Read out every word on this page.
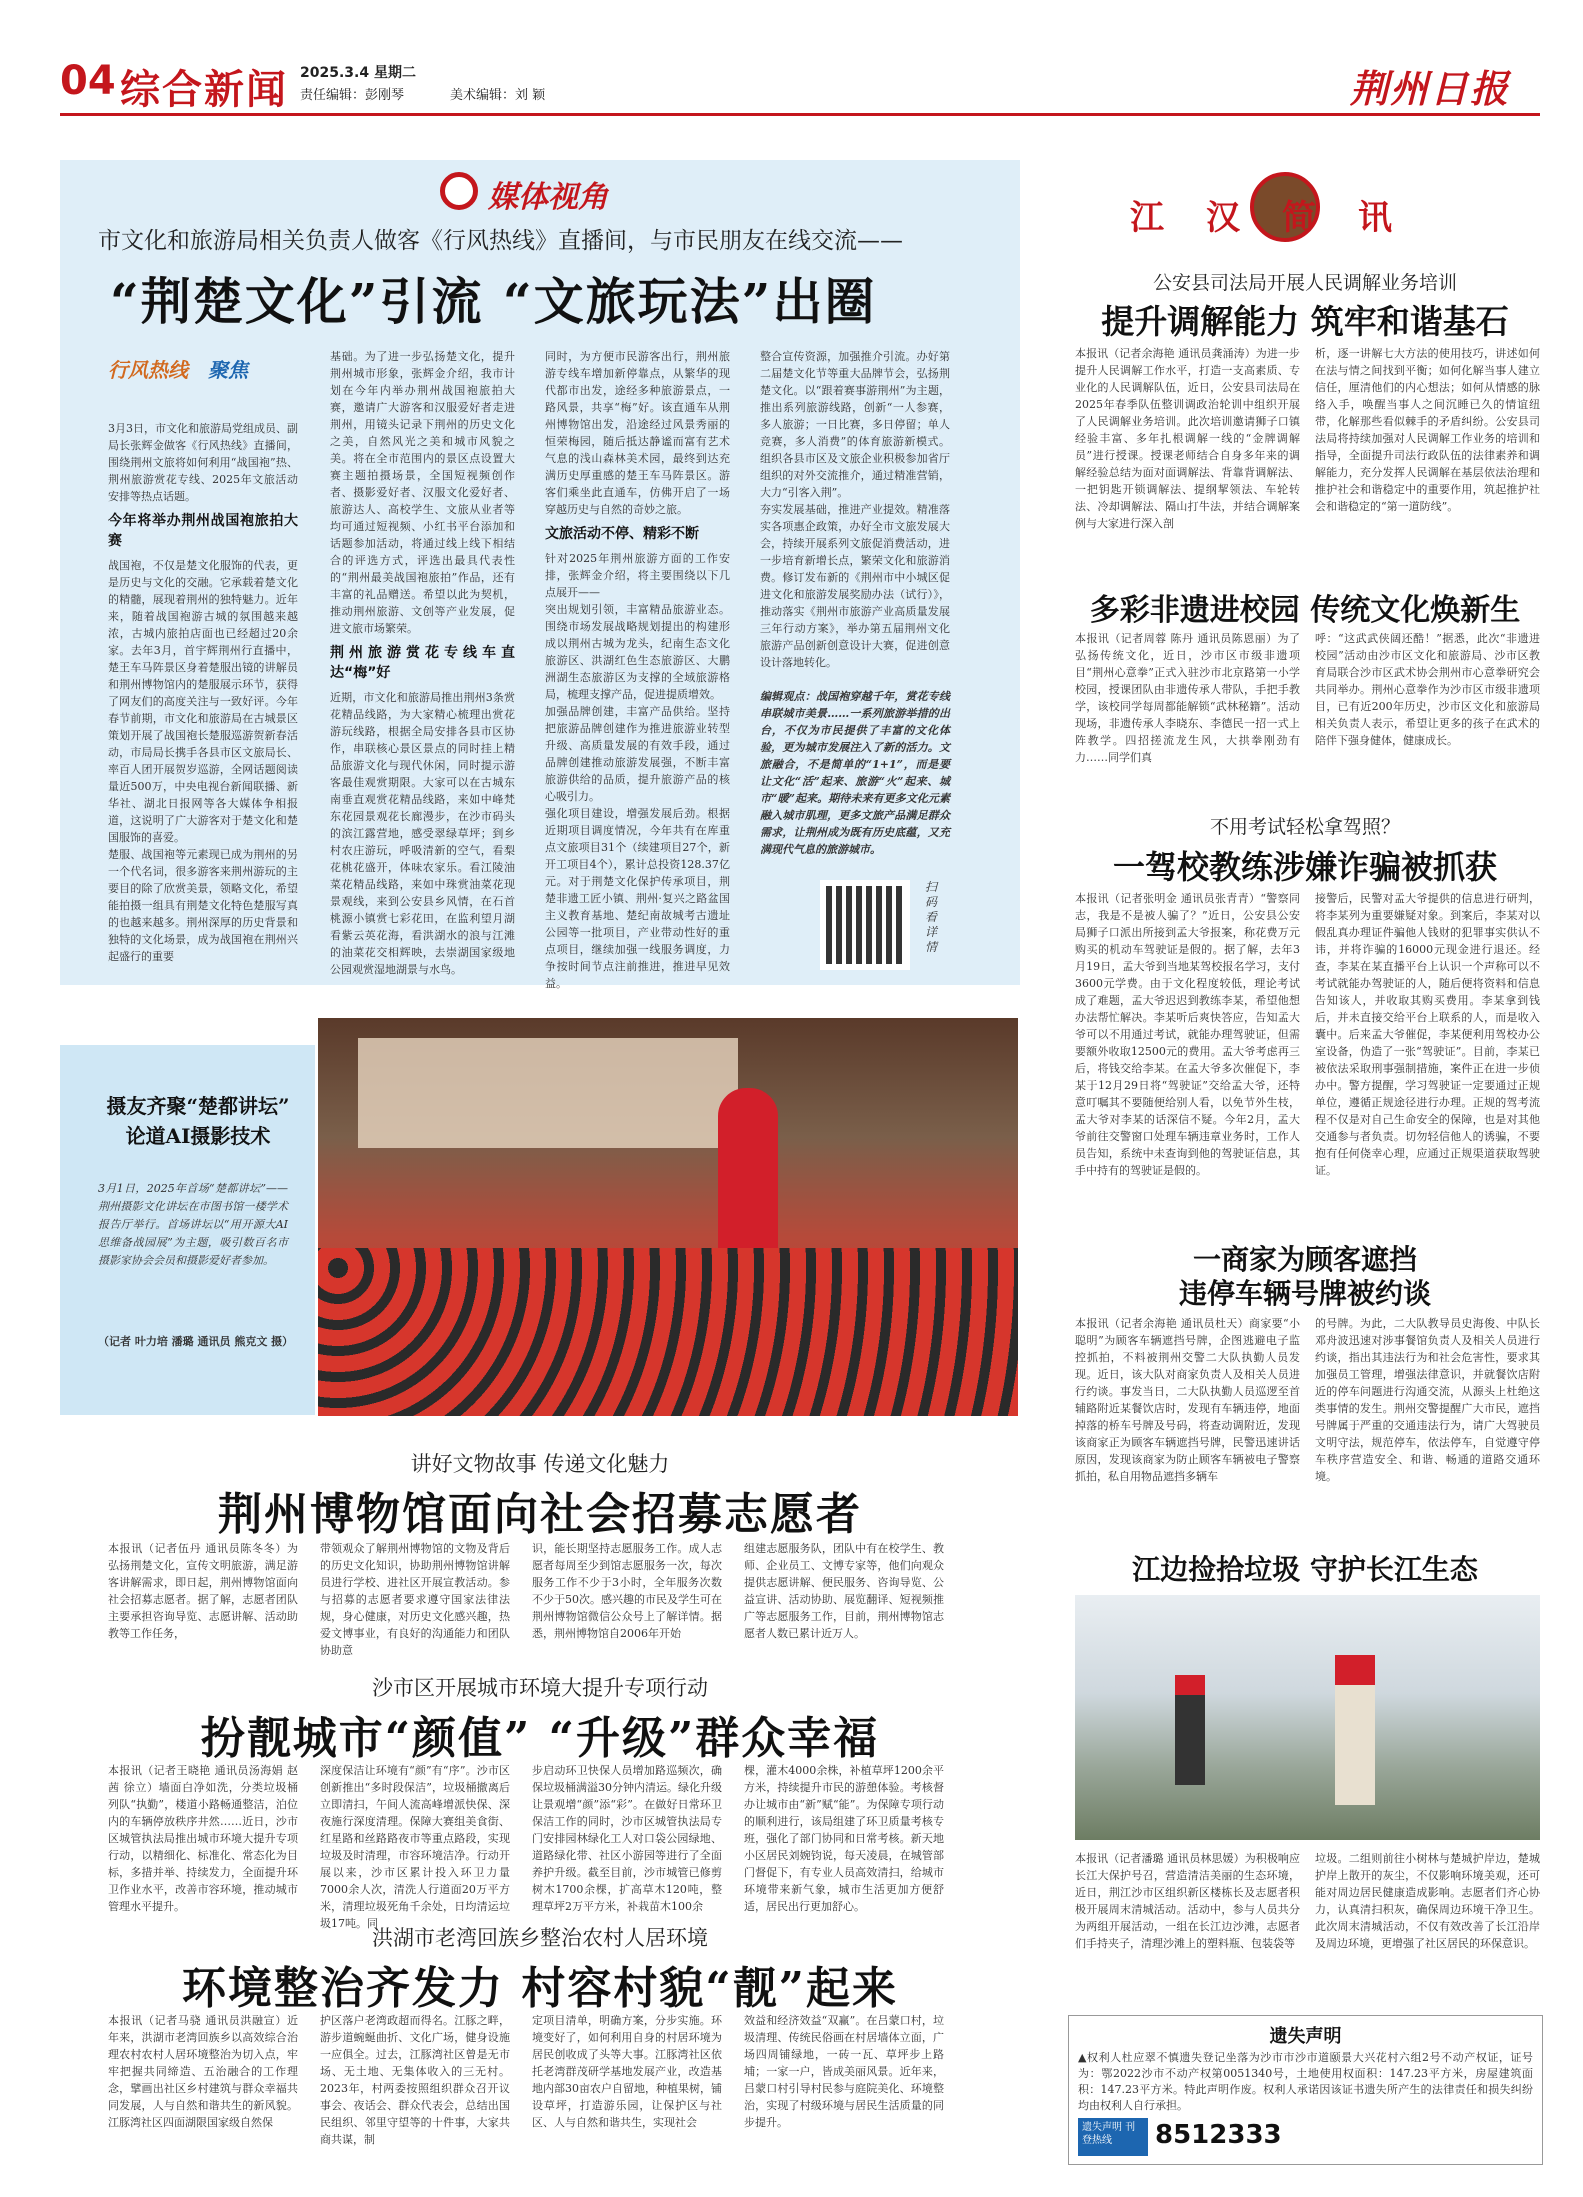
04 综合新闻 2025.3.4 星期二
责任编辑：彭刚琴	美术编辑：刘 颖	荆州日报
媒体视角
市文化和旅游局相关负责人做客《行风热线》直播间，与市民朋友在线交流——
“荆楚文化”引流 “文旅玩法”出圈
行风热线 聚焦

3月3日，市文化和旅游局党组成员、副局长张辉金做客《行风热线》直播间，围绕荆州文旅将如何利用“战国袍”热、荆州旅游赏花专线、2025年文旅活动安排等热点话题。

今年将举办荆州战国袍旅拍大赛

战国袍，不仅是楚文化服饰的代表，更是历史与文化的交融。它承载着楚文化的精髓，展现着荆州的独特魅力。近年来，随着战国袍游古城的氛围越来越浓，古城内旅拍店面也已经超过20余家。去年3月，首宇辉荆州行直播中，楚王车马阵景区身着楚服出镜的讲解员和荆州博物馆内的楚服展示环节，获得了网友们的高度关注与一致好评。今年春节前期，市文化和旅游局在古城景区策划开展了战国袍长楚服巡游贺新春活动，市局局长携手各县市区文旅局长、率百人团开展贺岁巡游，全网话题阅读量近500万，中央电视台新闻联播、新华社、湖北日报网等各大媒体争相报道，这说明了广大游客对于楚文化和楚国服饰的喜爱。

楚服、战国袍等元素现已成为荆州的另一个代名词，很多游客来荆州游玩的主要目的除了欣赏美景，领略文化，希望能拍摄一组具有荆楚文化特色楚服写真的也越来越多。荆州深厚的历史背景和独特的文化场景，成为战国袍在荆州兴起盛行的重要

基础。为了进一步弘扬楚文化，提升荆州城市形象，张辉金介绍，我市计划在今年内举办荆州战国袍旅拍大赛，邀请广大游客和汉服爱好者走进荆州，用镜头记录下荆州的历史文化之美，自然风光之美和城市风貌之美。将在全市范围内的景区点设置大赛主题拍摄场景，全国短视频创作者、摄影爱好者、汉服文化爱好者、旅游达人、高校学生、文旅从业者等均可通过短视频、小红书平台添加和话题参加活动，将通过线上线下相结合的评选方式，评选出最具代表性的“荆州最美战国袍旅拍”作品，还有丰富的礼品赠送。希望以此为契机，推动荆州旅游、文创等产业发展，促进文旅市场繁荣。

荆州旅游赏花专线车直达“梅”好

近期，市文化和旅游局推出荆州3条赏花精品线路，为大家精心梳理出赏花游玩线路，根据全局安排各县市区协作，串联核心景区景点的同时挂上精品旅游文化与现代休闲，同时提示游客最佳观赏期限。大家可以在古城东南垂直观赏花精品线路，来如中峰梵东花园景观花长廊漫步，在沙市码头的滨江露营地，感受翠绿草坪；到乡村农庄游玩，呼吸清新的空气，看梨花桃花盛开，体味农家乐。看江陵油菜花精品线路，来如中珠赏油菜花现景观线，来到公安县乡风情，在石首桃源小镇赏七彩花田，在监利望月湖看紫云英花海，看洪湖水的浪与江滩的油菜花交相辉映，去崇湖国家级地公园观赏湿地湖景与水鸟。

同时，为方便市民游客出行，荆州旅游专线车增加新停靠点，从繁华的现代都市出发，途经多种旅游景点，一路风景，共享“梅”好。该直通车从荆州博物馆出发，沿途经过风景秀丽的恒荣梅园，随后抵达静谧而富有艺术气息的浅山森林美术园，最终到达充满历史厚重感的楚王车马阵景区。游客们乘坐此直通车，仿佛开启了一场穿越历史与自然的奇妙之旅。

文旅活动不停、精彩不断

针对2025年荆州旅游方面的工作安排，张辉金介绍，将主要围绕以下几点展开——

突出规划引领，丰富精品旅游业态。围绕市场发展战略规划提出的构建形成以荆州古城为龙头，纪南生态文化旅游区、洪湖红色生态旅游区、大鹏洲湖生态旅游区为支撑的全域旅游格局，梳理支撑产品，促进提质增效。

加强品牌创建，丰富产品供给。坚持把旅游品牌创建作为推进旅游业转型升级、高质量发展的有效手段，通过品牌创建推动旅游发展强，不断丰富旅游供给的品质，提升旅游产品的核心吸引力。

强化项目建设，增强发展后劲。根据近期项目调度情况，今年共有在库重点文旅项目31个（续建项目27个，新开工项目4个），累计总投资128.37亿元。对于荆楚文化保护传承项目，荆楚非遗工匠小镇、荆州·复兴之路盆国主义教育基地、楚纪南故城考古遗址公园等一批项目，产业带动性好的重点项目，继续加强一线服务调度，力争按时间节点注前推进，推进早见效益。

整合宣传资源，加强推介引流。办好第二届楚文化节等重大品牌节会，弘扬荆楚文化。以“跟着赛事游荆州”为主题，推出系列旅游线路，创新“一人参赛，多人旅游；一日比赛，多日停留；单人竞赛，多人消费”的体育旅游新模式。组织各县市区及文旅企业积极参加省厅组织的对外交流推介，通过精准营销，大力“引客入荆”。

夯实发展基础，推进产业提效。精准落实各项惠企政策，办好全市文旅发展大会，持续开展系列文旅促消费活动，进一步培育新增长点，繁荣文化和旅游消费。修订发布新的《荆州市中小城区促进文化和旅游发展奖励办法（试行）》，推动落实《荆州市旅游产业高质量发展三年行动方案》，举办第五届荆州文化旅游产品创新创意设计大赛，促进创意设计落地转化。

编辑观点：战国袍穿越千年，赏花专线串联城市美景……一系列旅游举措的出台，不仅为市民提供了丰富的文化体验，更为城市发展注入了新的活力。文旅融合，不是简单的“1+1”，而是要让文化“活”起来、旅游“火”起来、城市“暖”起来。期待未来有更多文化元素融入城市肌理，更多文旅产品满足群众需求，让荆州成为既有历史底蕴，又充满现代气息的旅游城市。
扫码看详情
摄友齐聚“楚都讲坛”
论道AI摄影技术
3月1日，2025年首场“楚都讲坛”——荆州摄影文化讲坛在市图书馆一楼学术报告厅举行。首场讲坛以“用开源大AI思维备战园展”为主题，吸引数百名市摄影家协会会员和摄影爱好者参加。
（记者 叶力培 潘璐 通讯员 熊克文 摄）
讲好文物故事 传递文化魅力
荆州博物馆面向社会招募志愿者
本报讯（记者伍丹 通讯员陈冬冬）为弘扬荆楚文化，宣传文明旅游，满足游客讲解需求，即日起，荆州博物馆面向社会招募志愿者。据了解，志愿者团队主要承担咨询导览、志愿讲解、活动助教等工作任务，
带领观众了解荆州博物馆的文物及背后的历史文化知识，协助荆州博物馆讲解员进行学校、进社区开展宣教活动。参与招募的志愿者要求遵守国家法律法规，身心健康，对历史文化感兴趣，热爱文博事业，有良好的沟通能力和团队协助意
识，能长期坚持志愿服务工作。成人志愿者每周至少到馆志愿服务一次，每次服务工作不少于3小时，全年服务次数不少于50次。感兴趣的市民及学生可在荆州博物馆微信公众号上了解详情。据悉，荆州博物馆自2006年开始
组建志愿服务队，团队中有在校学生、教师、企业员工、文博专家等，他们向观众提供志愿讲解、便民服务、咨询导览、公益宣讲、活动协助、展览翻译、短视频推广等志愿服务工作，目前，荆州博物馆志愿者人数已累计近万人。
沙市区开展城市环境大提升专项行动
扮靓城市“颜值” “升级”群众幸福
本报讯（记者王晓艳 通讯员汤海娟 赵茜 徐立）墙面白净如洗，分类垃圾桶列队“执勤”，楼道小路畅通整洁，泊位内的车辆停放秩序井然……近日，沙市区城管执法局推出城市环境大提升专项行动，以精细化、标准化、常态化为目标，多措并举、持续发力，全面提升环卫作业水平，改善市容环境，推动城市管理水平提升。
深度保洁让环境有“颜”有“序”。沙市区创新推出“多时段保洁”，垃圾桶撤离后立即清扫，午间人流高峰增派快保、深夜施行深度清理。保障大赛组美食街、红星路和丝路路夜市等重点路段，实现垃圾及时清理，市容环境洁净。行动开展以来，沙市区累计投入环卫力量7000余人次，清洗人行道面20万平方米，清理垃圾死角千余处，日均清运垃圾17吨。同
步启动环卫快保人员增加路巡频次，确保垃圾桶满溢30分钟内清运。绿化升级让景观增“颜”添“彩”。在做好日常环卫保洁工作的同时，沙市区城管执法局专门安排园林绿化工人对口袋公园绿地、道路绿化带、社区小游园等进行了全面养护升级。截至目前，沙市城管已修剪树木1700余棵，扩高草木120吨，整理草坪2万平方米，补栽苗木100余
棵，灌木4000余株，补植草坪1200余平方米，持续提升市民的游憩体验。考核督办让城市由“新”赋“能”。为保障专项行动的顺利进行，该局组建了环卫质量考核专班，强化了部门协同和日常考核。新天地小区居民刘婉钧说，每天凌晨，在城管部门督促下，有专业人员高效清扫，给城市环境带来新气象，城市生活更加方便舒适，居民出行更加舒心。
洪湖市老湾回族乡整治农村人居环境
环境整治齐发力 村容村貌“靓”起来
本报讯（记者马骁 通讯员洪融宣）近年来，洪湖市老湾回族乡以高效综合治理农村农村人居环境整治为切入点，牢牢把握共同缔造、五治融合的工作理念，擘画出社区乡村建筑与群众幸福共同发展，人与自然和谐共生的新风貌。江豚湾社区四面湖限国家级自然保
护区落户老湾政超而得名。江豚之畔，游步道蜿蜒曲折、文化广场，健身设施一应俱全。过去，江豚湾社区曾是无市场、无土地、无集体收入的三无村。2023年，村两委按照组织群众召开议事会、夜话会、群众代表会，总结出国民组织、邻里守望等的十件事，大家共商共谋，制
定项目清单，明确方案，分步实施。环境变好了，如何利用自身的村居环境为居民创收成了头等大事。江豚湾社区依托老湾群茂研学基地发展产业，改造基地内部30亩农户自留地，种植果树，铺设草坪，打造游乐园，让保护区与社区、人与自然和谐共生，实现社会
效益和经济效益“双赢”。在吕蒙口村，垃圾清理、传统民俗画在村居墙体立面，广场四周铺绿地，一砖一瓦、草坪步上路埔；一家一户，皆成美丽风景。近年来，吕蒙口村引导村民参与庭院美化、环境整治，实现了村级环境与居民生活质量的同步提升。
江汉简讯
公安县司法局开展人民调解业务培训
提升调解能力 筑牢和谐基石
本报讯（记者余海艳 通讯员龚涌涛）为进一步提升人民调解工作水平，打造一支高素质、专业化的人民调解队伍，近日，公安县司法局在2025年春季队伍整训调政治轮训中组织开展了人民调解业务培训。此次培训邀请狮子口镇经验丰富、多年扎根调解一线的“金牌调解员”进行授课。授课老师结合自身多年来的调解经验总结为面对面调解法、背靠背调解法、一把钥匙开锁调解法、提纲挈领法、车轮转法、冷却调解法、隔山打牛法，并结合调解案例与大家进行深入剖
析，逐一讲解七大方法的使用技巧，讲述如何在法与情之间找到平衡；如何化解当事人建立信任，厘清他们的内心想法；如何从情感的脉络入手，唤醒当事人之间沉睡已久的情谊纽带，化解那些看似棘手的矛盾纠纷。公安县司法局将持续加强对人民调解工作业务的培训和指导，全面提升司法行政队伍的法律素养和调解能力，充分发挥人民调解在基层依法治理和推护社会和谐稳定中的重要作用，筑起推护社会和谐稳定的“第一道防线”。
多彩非遗进校园 传统文化焕新生
本报讯（记者周蓉 陈丹 通讯员陈恩丽）为了弘扬传统文化，近日，沙市区市级非遗项目“荆州心意拳”正式入驻沙市北京路第一小学校园，授课团队由非遗传承人带队，手把手教学，该校同学每周都能解锁“武林秘籍”。活动现场，非遗传承人李晓东、李德民一招一式上阵教学。四招搓流龙生风，大拱拳刚劲有力……同学们真
呼：“这武武侠阔还酷！”据悉，此次“非遗进校园”活动由沙市区文化和旅游局、沙市区教育局联合沙市区武术协会荆州市心意拳研究会共同举办。荆州心意拳作为沙市区市级非遗项目，已有近200年历史，沙市区文化和旅游局相关负责人表示，希望让更多的孩子在武术的陪伴下强身健体，健康成长。
不用考试轻松拿驾照？
一驾校教练涉嫌诈骗被抓获
本报讯（记者张明金 通讯员张青青）“警察同志，我是不是被人骗了？”近日，公安县公安局狮子口派出所接到孟大爷报案，称花费万元购买的机动车驾驶证是假的。据了解，去年3月19日，孟大爷到当地某驾校报名学习，支付3600元学费。由于文化程度较低，理论考试成了难题，孟大爷迟迟到教练李某，希望他想办法帮忙解决。李某听后爽快答应，告知孟大爷可以不用通过考试，就能办理驾驶证，但需要额外收取12500元的费用。孟大爷考虑再三后，将钱交给李某。在孟大爷多次催促下，李某于12月29日将“驾驶证”交给孟大爷，还特意叮嘱其不要随便给别人看，以免节外生枝，孟大爷对李某的话深信不疑。今年2月，孟大爷前往交警窗口处理车辆违章业务时，工作人员告知，系统中未查询到他的驾驶证信息，其手中持有的驾驶证是假的。
接警后，民警对孟大爷提供的信息进行研判，将李某列为重要嫌疑对象。到案后，李某对以假乱真办理证件骗他人钱财的犯罪事实供认不讳，并将诈骗的16000元现金进行退还。经查，李某在某直播平台上认识一个声称可以不考试就能办驾驶证的人，随后便将资料和信息告知该人，并收取其购买费用。李某拿到钱后，并未直接交给平台上联系的人，而是收入囊中。后来孟大爷催促，李某便利用驾校办公室设备，伪造了一张“驾驶证”。目前，李某已被依法采取刑事强制措施，案件正在进一步侦办中。警方提醒，学习驾驶证一定要通过正规单位，遵循正规途径进行办理。正规的驾考流程不仅是对自己生命安全的保障，也是对其他交通参与者负责。切勿轻信他人的诱骗，不要抱有任何侥幸心理，应通过正规渠道获取驾驶证。
一商家为顾客遮挡
违停车辆号牌被约谈
本报讯（记者余海艳 通讯员杜天）商家要“小聪明”为顾客车辆遮挡号牌，企图逃避电子监控抓拍，不料被荆州交警二大队执勤人员发现。近日，该大队对商家负责人及相关人员进行约谈。事发当日，二大队执勤人员巡逻至首辅路附近某餐饮店时，发现有车辆违停，地面掉落的桥车号牌及号码，将查动调附近，发现该商家正为顾客车辆遮挡号牌，民警迅速讲话原因，发现该商家为防止顾客车辆被电子警察抓拍，私自用物品遮挡多辆车
的号牌。为此，二大队教导员史海俊、中队长邓舟波迅速对涉事餐馆负责人及相关人员进行约谈，指出其违法行为和社会危害性，要求其加强员工管理，增强法律意识，并就餐饮店附近的停车问题进行沟通交流，从源头上杜绝这类事情的发生。荆州交警提醒广大市民，遮挡号牌属于严重的交通违法行为，请广大驾驶员文明守法，规范停车，依法停车，自觉遵守停车秩序营造安全、和谐、畅通的道路交通环境。
江边捡拾垃圾 守护长江生态
本报讯（记者潘璐 通讯员林思媛）为积极响应长江大保护号召，营造清洁美丽的生态环境，近日，荆江沙市区组织新区楼栋长及志愿者积极开展周末清城活动。活动中，参与人员共分为两组开展活动，一组在长江边沙滩，志愿者们手持夹子，清理沙滩上的塑料瓶、包装袋等
垃圾。二组则前往小树林与楚城护岸边，楚城护岸上散开的灰尘，不仅影响环境美观，还可能对周边居民健康造成影响。志愿者们齐心协力，认真清扫积灰，确保周边环境干净卫生。此次周末清城活动，不仅有效改善了长江沿岸及周边环境，更增强了社区居民的环保意识。
遗失声明
▲权利人杜应翠不慎遗失登记坐落为沙市市沙市道颐景大兴花村六组2号不动产权证，证号为：鄂2022沙市不动产权第0051340号，土地使用权面积：147.23平方米，房屋建筑面积：147.23平方米。特此声明作废。权利人承诺因该证书遗失所产生的法律责任和损失纠纷均由权利人自行承担。
遗失声明 刊登热线	8512333
